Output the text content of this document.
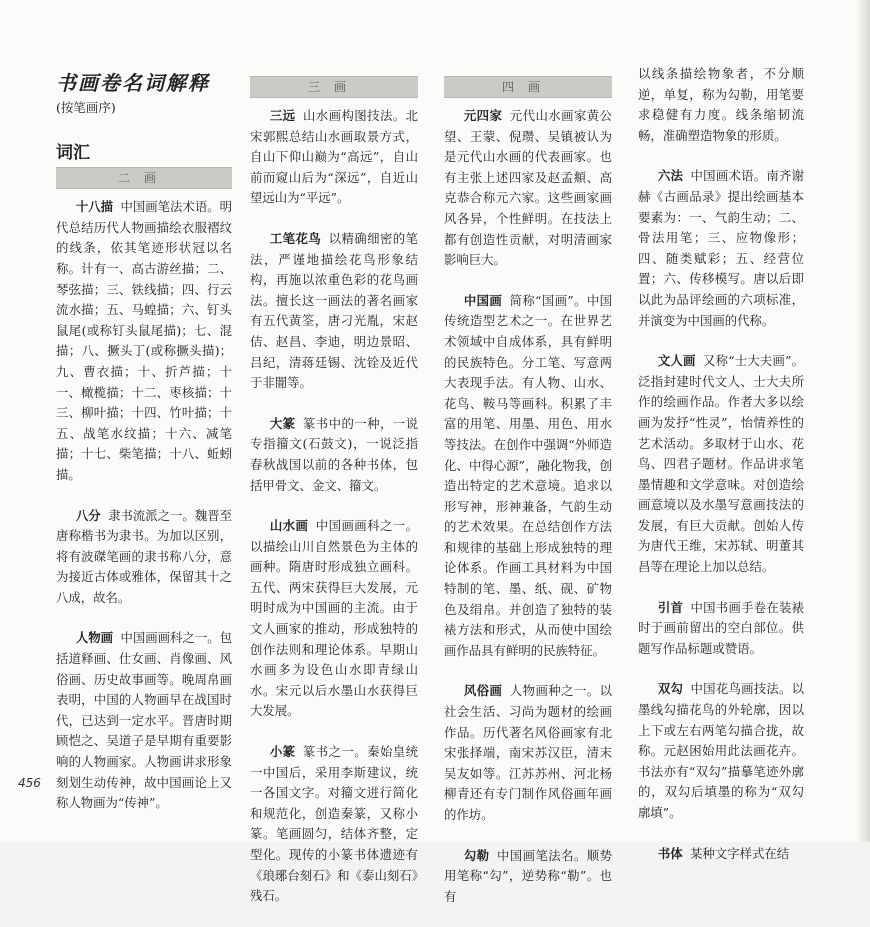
书画卷名词解释
(按笔画序)
词汇
二画

十八描 中国画笔法术语。明代总结历代人物画描绘衣服褶纹的线条，依其笔迹形状冠以名称。计有一、高古游丝描；二、琴弦描；三、铁线描；四、行云流水描；五、马蝗描；六、钉头鼠尾(或称钉头鼠尾描)；七、混描；八、撅头丁(或称撅头描)；九、曹衣描；十、折芦描；十一、橄榄描；十二、枣核描；十三、柳叶描；十四、竹叶描；十五、战笔水纹描；十六、减笔描；十七、柴笔描；十八、蚯蚓描。

八分 隶书流派之一。魏晋至唐称楷书为隶书。为加以区别，将有波磔笔画的隶书称八分，意为接近古体或雅体，保留其十之八成，故名。

人物画 中国画画科之一。包括道释画、仕女画、肖像画、风俗画、历史故事画等。晚周帛画表明，中国的人物画早在战国时代，已达到一定水平。晋唐时期顾恺之、吴道子是早期有重要影响的人物画家。人物画讲求形象刻划生动传神，故中国画论上又称人物画为“传神”。

三画

三远 山水画构图技法。北宋郭熙总结山水画取景方式，自山下仰山巅为“高远”，自山前而窥山后为“深远”，自近山望远山为“平远”。

工笔花鸟 以精确细密的笔法，严谨地描绘花鸟形象结构，再施以浓重色彩的花鸟画法。擅长这一画法的著名画家有五代黄筌，唐刁光胤，宋赵佶、赵昌、李迪，明边景昭、吕纪，清蒋廷锡、沈铨及近代于非闇等。

大篆 篆书中的一种，一说专指籀文(石鼓文)，一说泛指春秋战国以前的各种书体，包括甲骨文、金文、籀文。

山水画 中国画画科之一。以描绘山川自然景色为主体的画种。隋唐时形成独立画科。五代、两宋获得巨大发展，元明时成为中国画的主流。由于文人画家的推动，形成独特的创作法则和理论体系。早期山水画多为设色山水即青绿山水。宋元以后水墨山水获得巨大发展。

小篆 篆书之一。秦始皇统一中国后，采用李斯建议，统一各国文字。对籀文进行简化和规范化，创造秦篆，又称小篆。笔画圆匀，结体齐整，定型化。现传的小篆书体遗迹有《琅琊台刻石》和《泰山刻石》残石。

四画

元四家 元代山水画家黄公望、王蒙、倪瓒、吴镇被认为是元代山水画的代表画家。也有主张上述四家及赵孟頫、高克恭合称元六家。这些画家画风各异，个性鲜明。在技法上都有创造性贡献，对明清画家影响巨大。

中国画 简称“国画”。中国传统造型艺术之一。在世界艺术领域中自成体系，具有鲜明的民族特色。分工笔、写意两大表现手法。有人物、山水、花鸟、鞍马等画科。积累了丰富的用笔、用墨、用色、用水等技法。在创作中强调“外师造化、中得心源”，融化物我，创造出特定的艺术意境。追求以形写神，形神兼备，气韵生动的艺术效果。在总结创作方法和规律的基础上形成独特的理论体系。作画工具材料为中国特制的笔、墨、纸、砚、矿物色及绢帛。并创造了独特的装裱方法和形式，从而使中国绘画作品具有鲜明的民族特征。

风俗画 人物画种之一。以社会生活、习尚为题材的绘画作品。历代著名风俗画家有北宋张择端，南宋苏汉臣，清末吴友如等。江苏苏州、河北杨柳青还有专门制作风俗画年画的作坊。

勾勒 中国画笔法名。顺势用笔称“勾”，逆势称“勒”。也有

以线条描绘物象者，不分顺逆，单复，称为勾勒，用笔要求稳健有力度。线条缩韧流畅，准确塑造物象的形质。

六法 中国画术语。南齐谢赫《古画品录》提出绘画基本要素为：一、气韵生动；二、骨法用笔；三、应物像形；四、随类赋彩；五、经营位置；六、传移模写。唐以后即以此为品评绘画的六项标准，并演变为中国画的代称。

文人画 又称“士大夫画”。泛指封建时代文人、士大夫所作的绘画作品。作者大多以绘画为发抒“性灵”，怡情养性的艺术活动。多取材于山水、花鸟、四君子题材。作品讲求笔墨情趣和文学意味。对创造绘画意境以及水墨写意画技法的发展，有巨大贡献。创始人传为唐代王维，宋苏轼、明董其昌等在理论上加以总结。

引首 中国书画手卷在装裱时于画前留出的空白部位。供题写作品标题或赞语。

双勾 中国花鸟画技法。以墨线勾描花鸟的外轮廓，因以上下或左右两笔勾描合拢，故称。元赵困始用此法画花卉。书法亦有“双勾”描摹笔迹外廓的，双勾后填墨的称为“双勾廓填”。

书体 某种文字样式在结

456
